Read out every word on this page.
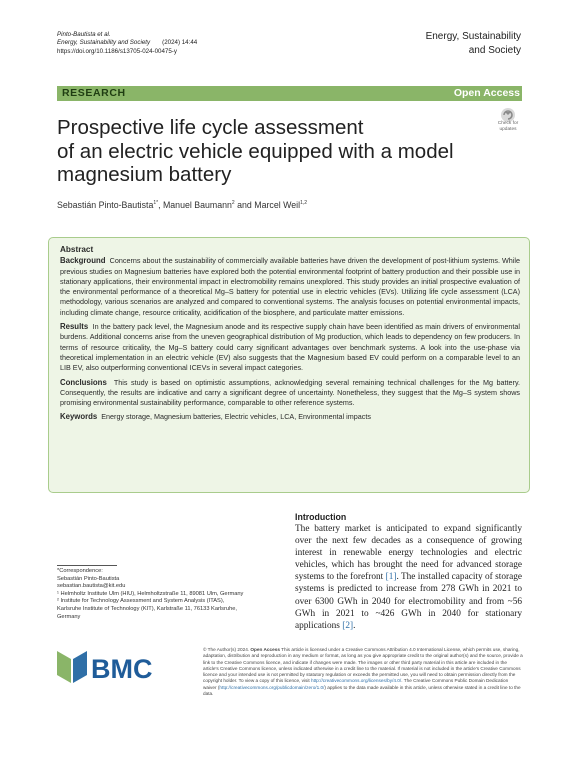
Pinto-Bautista et al.
Energy, Sustainability and Society (2024) 14:44
https://doi.org/10.1186/s13705-024-00475-y
Energy, Sustainability
and Society
RESEARCH	Open Access
Check for
updates
Prospective life cycle assessment
of an electric vehicle equipped with a model
magnesium battery
Sebastián Pinto-Bautista$^{1*}$, Manuel Baumann$^2$ and Marcel Weil$^{1,2}$
Abstract

Background Concerns about the sustainability of commercially available batteries have driven the development of post-lithium systems. While previous studies on Magnesium batteries have explored both the potential environmental footprint of battery production and their possible use in stationary applications, their environmental impact in electromobility remains unexplored. This study provides an initial prospective evaluation of the environmental performance of a theoretical Mg–S battery for potential use in electric vehicles (EVs). Utilizing life cycle assessment (LCA) methodology, various scenarios are analyzed and compared to conventional systems. The analysis focuses on potential environmental impacts, including climate change, resource criticality, acidification of the biosphere, and particulate matter emissions.

Results In the battery pack level, the Magnesium anode and its respective supply chain have been identified as main drivers of environmental burdens. Additional concerns arise from the uneven geographical distribution of Mg production, which leads to dependency on few producers. In terms of resource criticality, the Mg–S battery could carry significant advantages over benchmark systems. A look into the use-phase via theoretical implementation in an electric vehicle (EV) also suggests that the Magnesium based EV could perform on a comparable level to an LIB EV, also outperforming conventional ICEVs in several impact categories.

Conclusions This study is based on optimistic assumptions, acknowledging several remaining technical challenges for the Mg battery. Consequently, the results are indicative and carry a significant degree of uncertainty. Nonetheless, they suggest that the Mg–S system shows promising environmental sustainability performance, comparable to other reference systems.

Keywords Energy storage, Magnesium batteries, Electric vehicles, LCA, Environmental impacts

Introduction
The battery market is anticipated to expand significantly over the next few decades as a consequence of growing interest in renewable energy technologies and electric vehicles, which has brought the need for advanced storage systems to the forefront [1]. The installed capacity of storage systems is predicted to increase from 278 GWh in 2021 to over 6300 GWh in 2040 for electromobility and from ~56 GWh in 2021 to ~426 GWh in 2040 for stationary applications [2].
*Correspondence:
Sebastián Pinto-Bautista
sebastian.bautista@kit.edu
¹ Helmholtz Institute Ulm (HIU), Helmholtzstraße 11, 89081 Ulm, Germany
² Institute for Technology Assessment and System Analysis (ITAS),
Karlsruhe Institute of Technology (KIT), Karlstraße 11, 76133 Karlsruhe,
Germany
BMC
© The Author(s) 2024. Open Access This article is licensed under a Creative Commons Attribution 4.0 International License, which permits use, sharing, adaptation, distribution and reproduction in any medium or format, as long as you give appropriate credit to the original author(s) and the source, provide a link to the Creative Commons licence, and indicate if changes were made. The images or other third party material in this article are included in the article's Creative Commons licence, unless indicated otherwise in a credit line to the material. If material is not included in the article's Creative Commons licence and your intended use is not permitted by statutory regulation or exceeds the permitted use, you will need to obtain permission directly from the copyright holder. To view a copy of this licence, visit http://creativecommons.org/licenses/by/4.0/. The Creative Commons Public Domain Dedication waiver (http://creativecommons.org/publicdomain/zero/1.0/) applies to the data made available in this article, unless otherwise stated in a credit line to the data.
